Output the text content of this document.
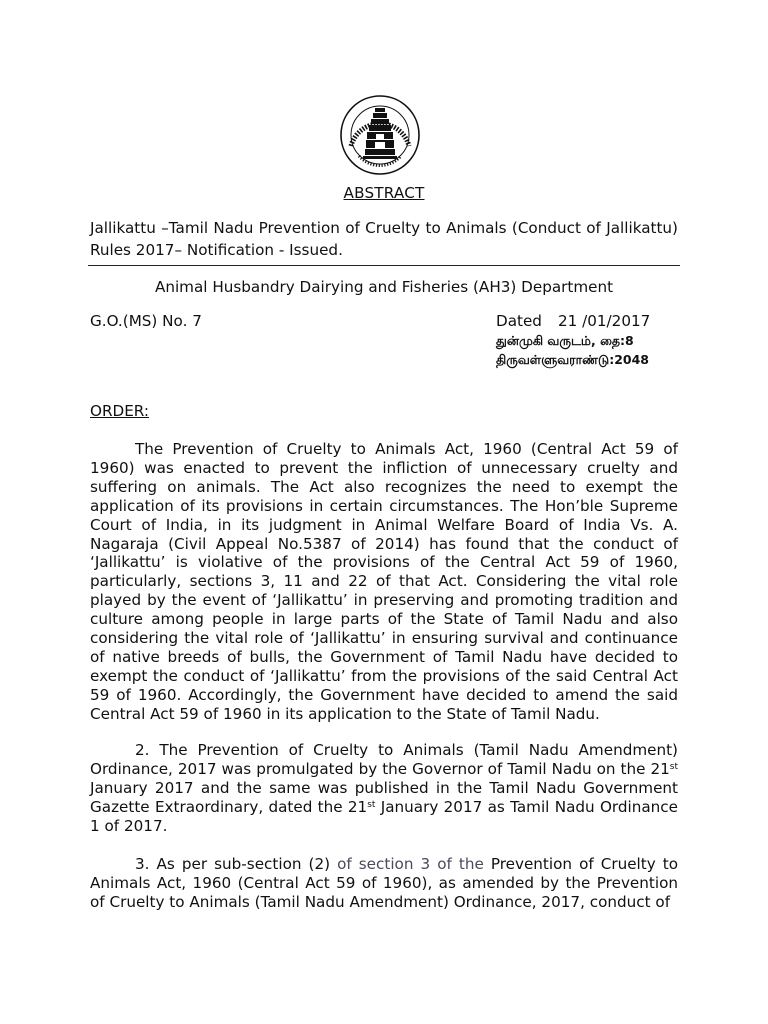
ABSTRACT
Jallikattu –Tamil Nadu Prevention of Cruelty to Animals (Conduct of Jallikattu) Rules 2017– Notification - Issued.
Animal Husbandry Dairying and Fisheries (AH3) Department
G.O.(MS) No. 7	Dated 21 /01/2017
துன்முகி வருடம், தை:8
திருவள்ளுவராண்டு:2048
ORDER:
The Prevention of Cruelty to Animals Act, 1960 (Central Act 59 of 1960) was enacted to prevent the infliction of unnecessary cruelty and suffering on animals. The Act also recognizes the need to exempt the application of its provisions in certain circumstances. The Hon’ble Supreme Court of India, in its judgment in Animal Welfare Board of India Vs. A. Nagaraja (Civil Appeal No.5387 of 2014) has found that the conduct of ‘Jallikattu’ is violative of the provisions of the Central Act 59 of 1960, particularly, sections 3, 11 and 22 of that Act. Considering the vital role played by the event of ‘Jallikattu’ in preserving and promoting tradition and culture among people in large parts of the State of Tamil Nadu and also considering the vital role of ‘Jallikattu’ in ensuring survival and continuance of native breeds of bulls, the Government of Tamil Nadu have decided to exempt the conduct of ‘Jallikattu’ from the provisions of the said Central Act 59 of 1960. Accordingly, the Government have decided to amend the said Central Act 59 of 1960 in its application to the State of Tamil Nadu.
2. The Prevention of Cruelty to Animals (Tamil Nadu Amendment) Ordinance, 2017 was promulgated by the Governor of Tamil Nadu on the 21st January 2017 and the same was published in the Tamil Nadu Government Gazette Extraordinary, dated the 21st January 2017 as Tamil Nadu Ordinance 1 of 2017.
3. As per sub-section (2) of section 3 of the Prevention of Cruelty to Animals Act, 1960 (Central Act 59 of 1960), as amended by the Prevention of Cruelty to Animals (Tamil Nadu Amendment) Ordinance, 2017, conduct of
